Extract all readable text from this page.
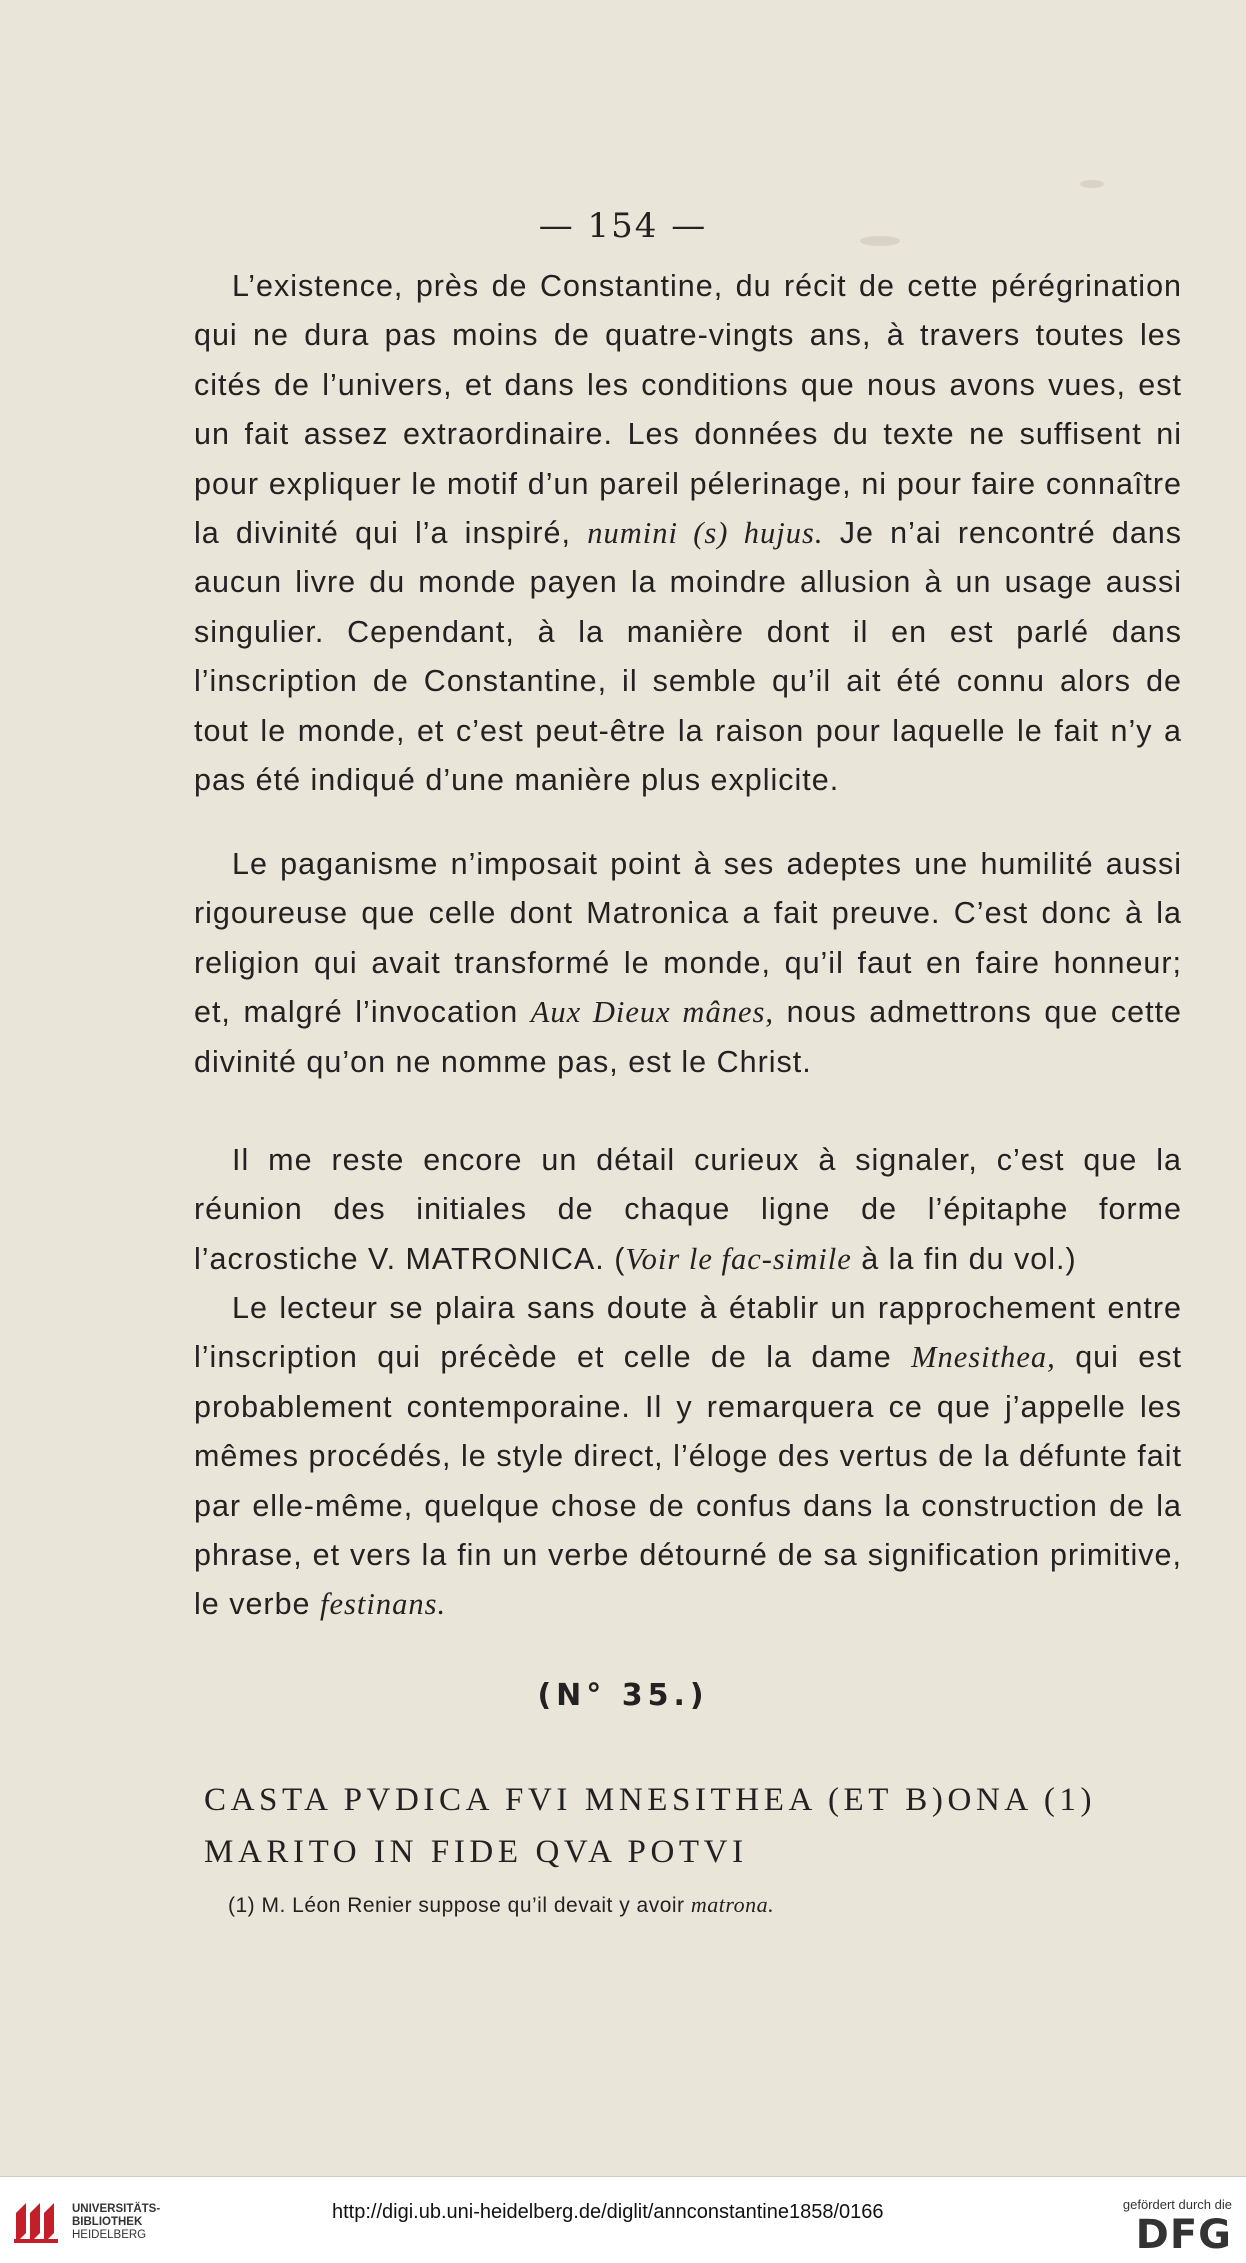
— 154 —

L’existence, près de Constantine, du récit de cette pérégrination qui ne dura pas moins de quatre-vingts ans, à travers toutes les cités de l’univers, et dans les conditions que nous avons vues, est un fait assez extraordinaire. Les données du texte ne suffisent ni pour expliquer le motif d’un pareil pélerinage, ni pour faire connaître la divinité qui l’a inspiré, numini (s) hujus. Je n’ai rencontré dans aucun livre du monde payen la moindre allusion à un usage aussi singulier. Cependant, à la manière dont il en est parlé dans l’inscription de Constantine, il semble qu’il ait été connu alors de tout le monde, et c’est peut-être la raison pour laquelle le fait n’y a pas été indiqué d’une manière plus explicite.

Le paganisme n’imposait point à ses adeptes une humilité aussi rigoureuse que celle dont Matronica a fait preuve. C’est donc à la religion qui avait transformé le monde, qu’il faut en faire honneur; et, malgré l’invocation Aux Dieux mânes, nous admettrons que cette divinité qu’on ne nomme pas, est le Christ.

Il me reste encore un détail curieux à signaler, c’est que la réunion des initiales de chaque ligne de l’épitaphe forme l’acrostiche V. MATRONICA. (Voir le fac-simile à la fin du vol.)

Le lecteur se plaira sans doute à établir un rapprochement entre l’inscription qui précède et celle de la dame Mnesithea, qui est probablement contemporaine. Il y remarquera ce que j’appelle les mêmes procédés, le style direct, l’éloge des vertus de la défunte fait par elle-même, quelque chose de confus dans la construction de la phrase, et vers la fin un verbe détourné de sa signification primitive, le verbe festinans.

(N° 35.)
CASTA PVDICA FVI MNESITHEA (ET B)ONA (1)
MARITO IN FIDE QVA POTVI
(1) M. Léon Renier suppose qu’il devait y avoir matrona.
UNIVERSITÄTS-
BIBLIOTHEK
HEIDELBERG
http://digi.ub.uni-heidelberg.de/diglit/annconstantine1858/0166	gefördert durch die
DFG
